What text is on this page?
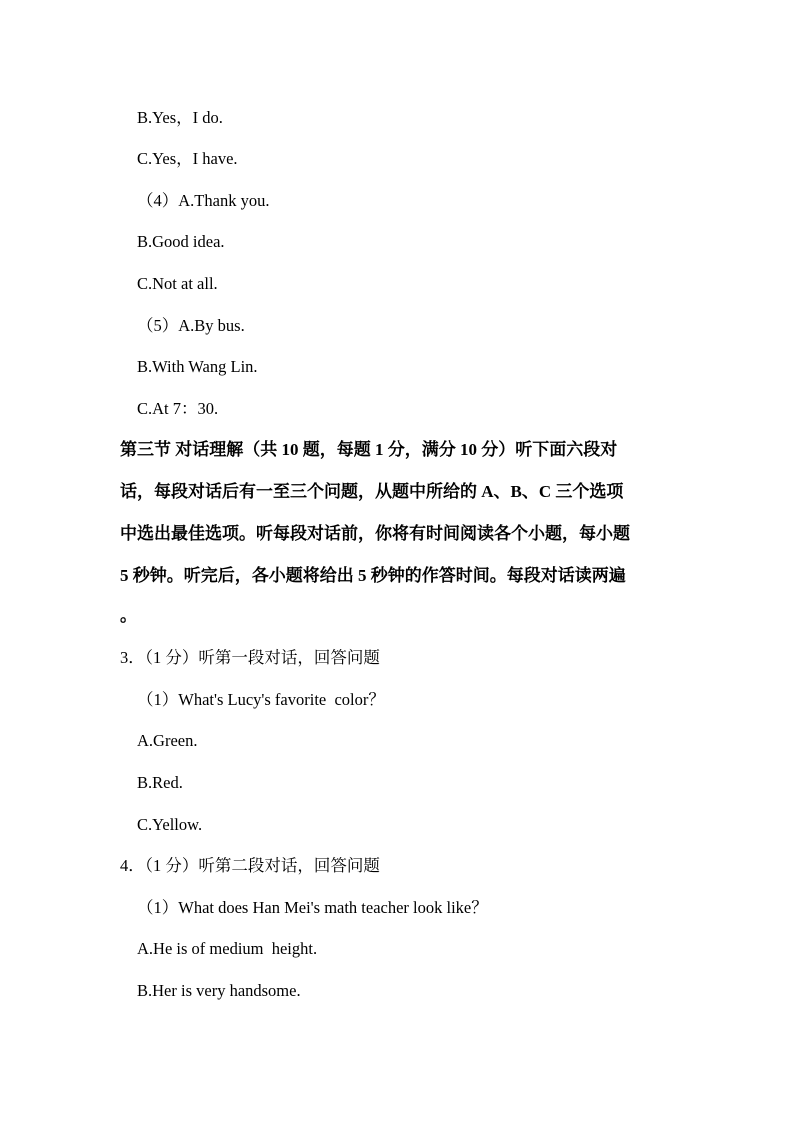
B.Yes，I do.
C.Yes，I have.
（4）A.Thank you.
B.Good idea.
C.Not at all.
（5）A.By bus.
B.With Wang Lin.
C.At 7：30.
第三节 对话理解（共 10 题，每题 1 分，满分 10 分）听下面六段对
话，每段对话后有一至三个问题，从题中所给的 A、B、C 三个选项
中选出最佳选项。听每段对话前，你将有时间阅读各个小题，每小题
5 秒钟。听完后，各小题将给出 5 秒钟的作答时间。每段对话读两遍
。
3．（1 分）听第一段对话，回答问题
（1）What's Lucy's favorite  color？
A.Green.
B.Red.
C.Yellow.
4．（1 分）听第二段对话，回答问题
（1）What does Han Mei's math teacher look like？
A.He is of medium  height.
B.Her is very handsome.
